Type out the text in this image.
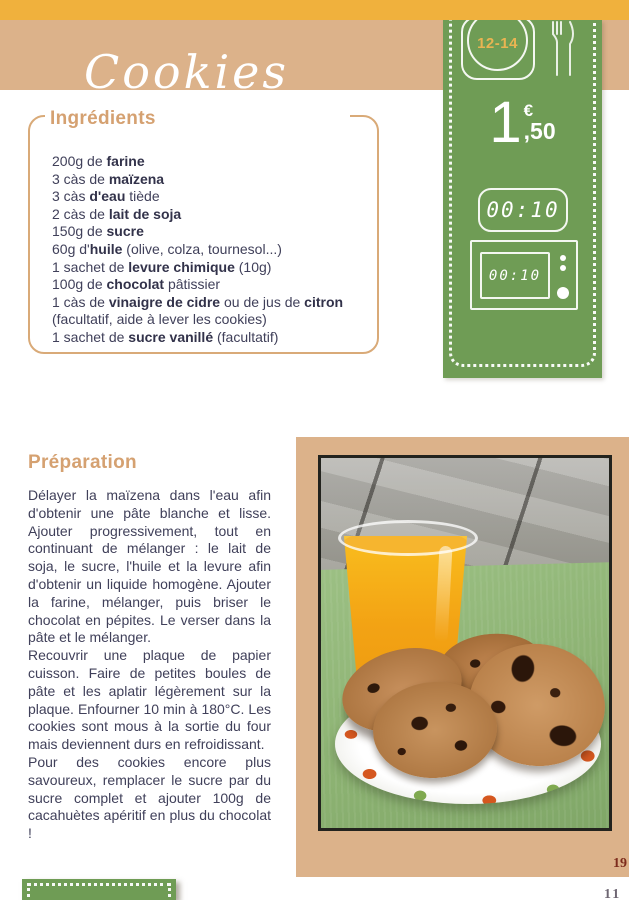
Cookies
12-14
1 €
,50
00:10
00:10
Ingrédients
200g de farine
3 càs de maïzena
3 càs d'eau tiède
2 càs de lait de soja
150g de sucre
60g d'huile (olive, colza, tournesol...)
1 sachet de levure chimique (10g)
100g de chocolat pâtissier
1 càs de vinaigre de cidre ou de jus de citron
(facultatif, aide à lever les cookies)
1 sachet de sucre vanillé (facultatif)
Préparation

Délayer la maïzena dans l'eau afin d'obtenir une pâte blanche et lisse. Ajouter progressivement, tout en continuant de mélanger : le lait de soja, le sucre, l'huile et la levure afin d'obtenir un liquide homogène. Ajouter la farine, mélanger, puis briser le chocolat en pépites. Le verser dans la pâte et le mélanger.

Recouvrir une plaque de papier cuisson. Faire de petites boules de pâte et les aplatir légèrement sur la plaque. Enfourner 10 min à 180°C. Les cookies sont mous à la sortie du four mais deviennent durs en refroidissant.

Pour des cookies encore plus savoureux, remplacer le sucre par du sucre complet et ajouter 100g de cacahuètes apéritif en plus du chocolat !

19
11
